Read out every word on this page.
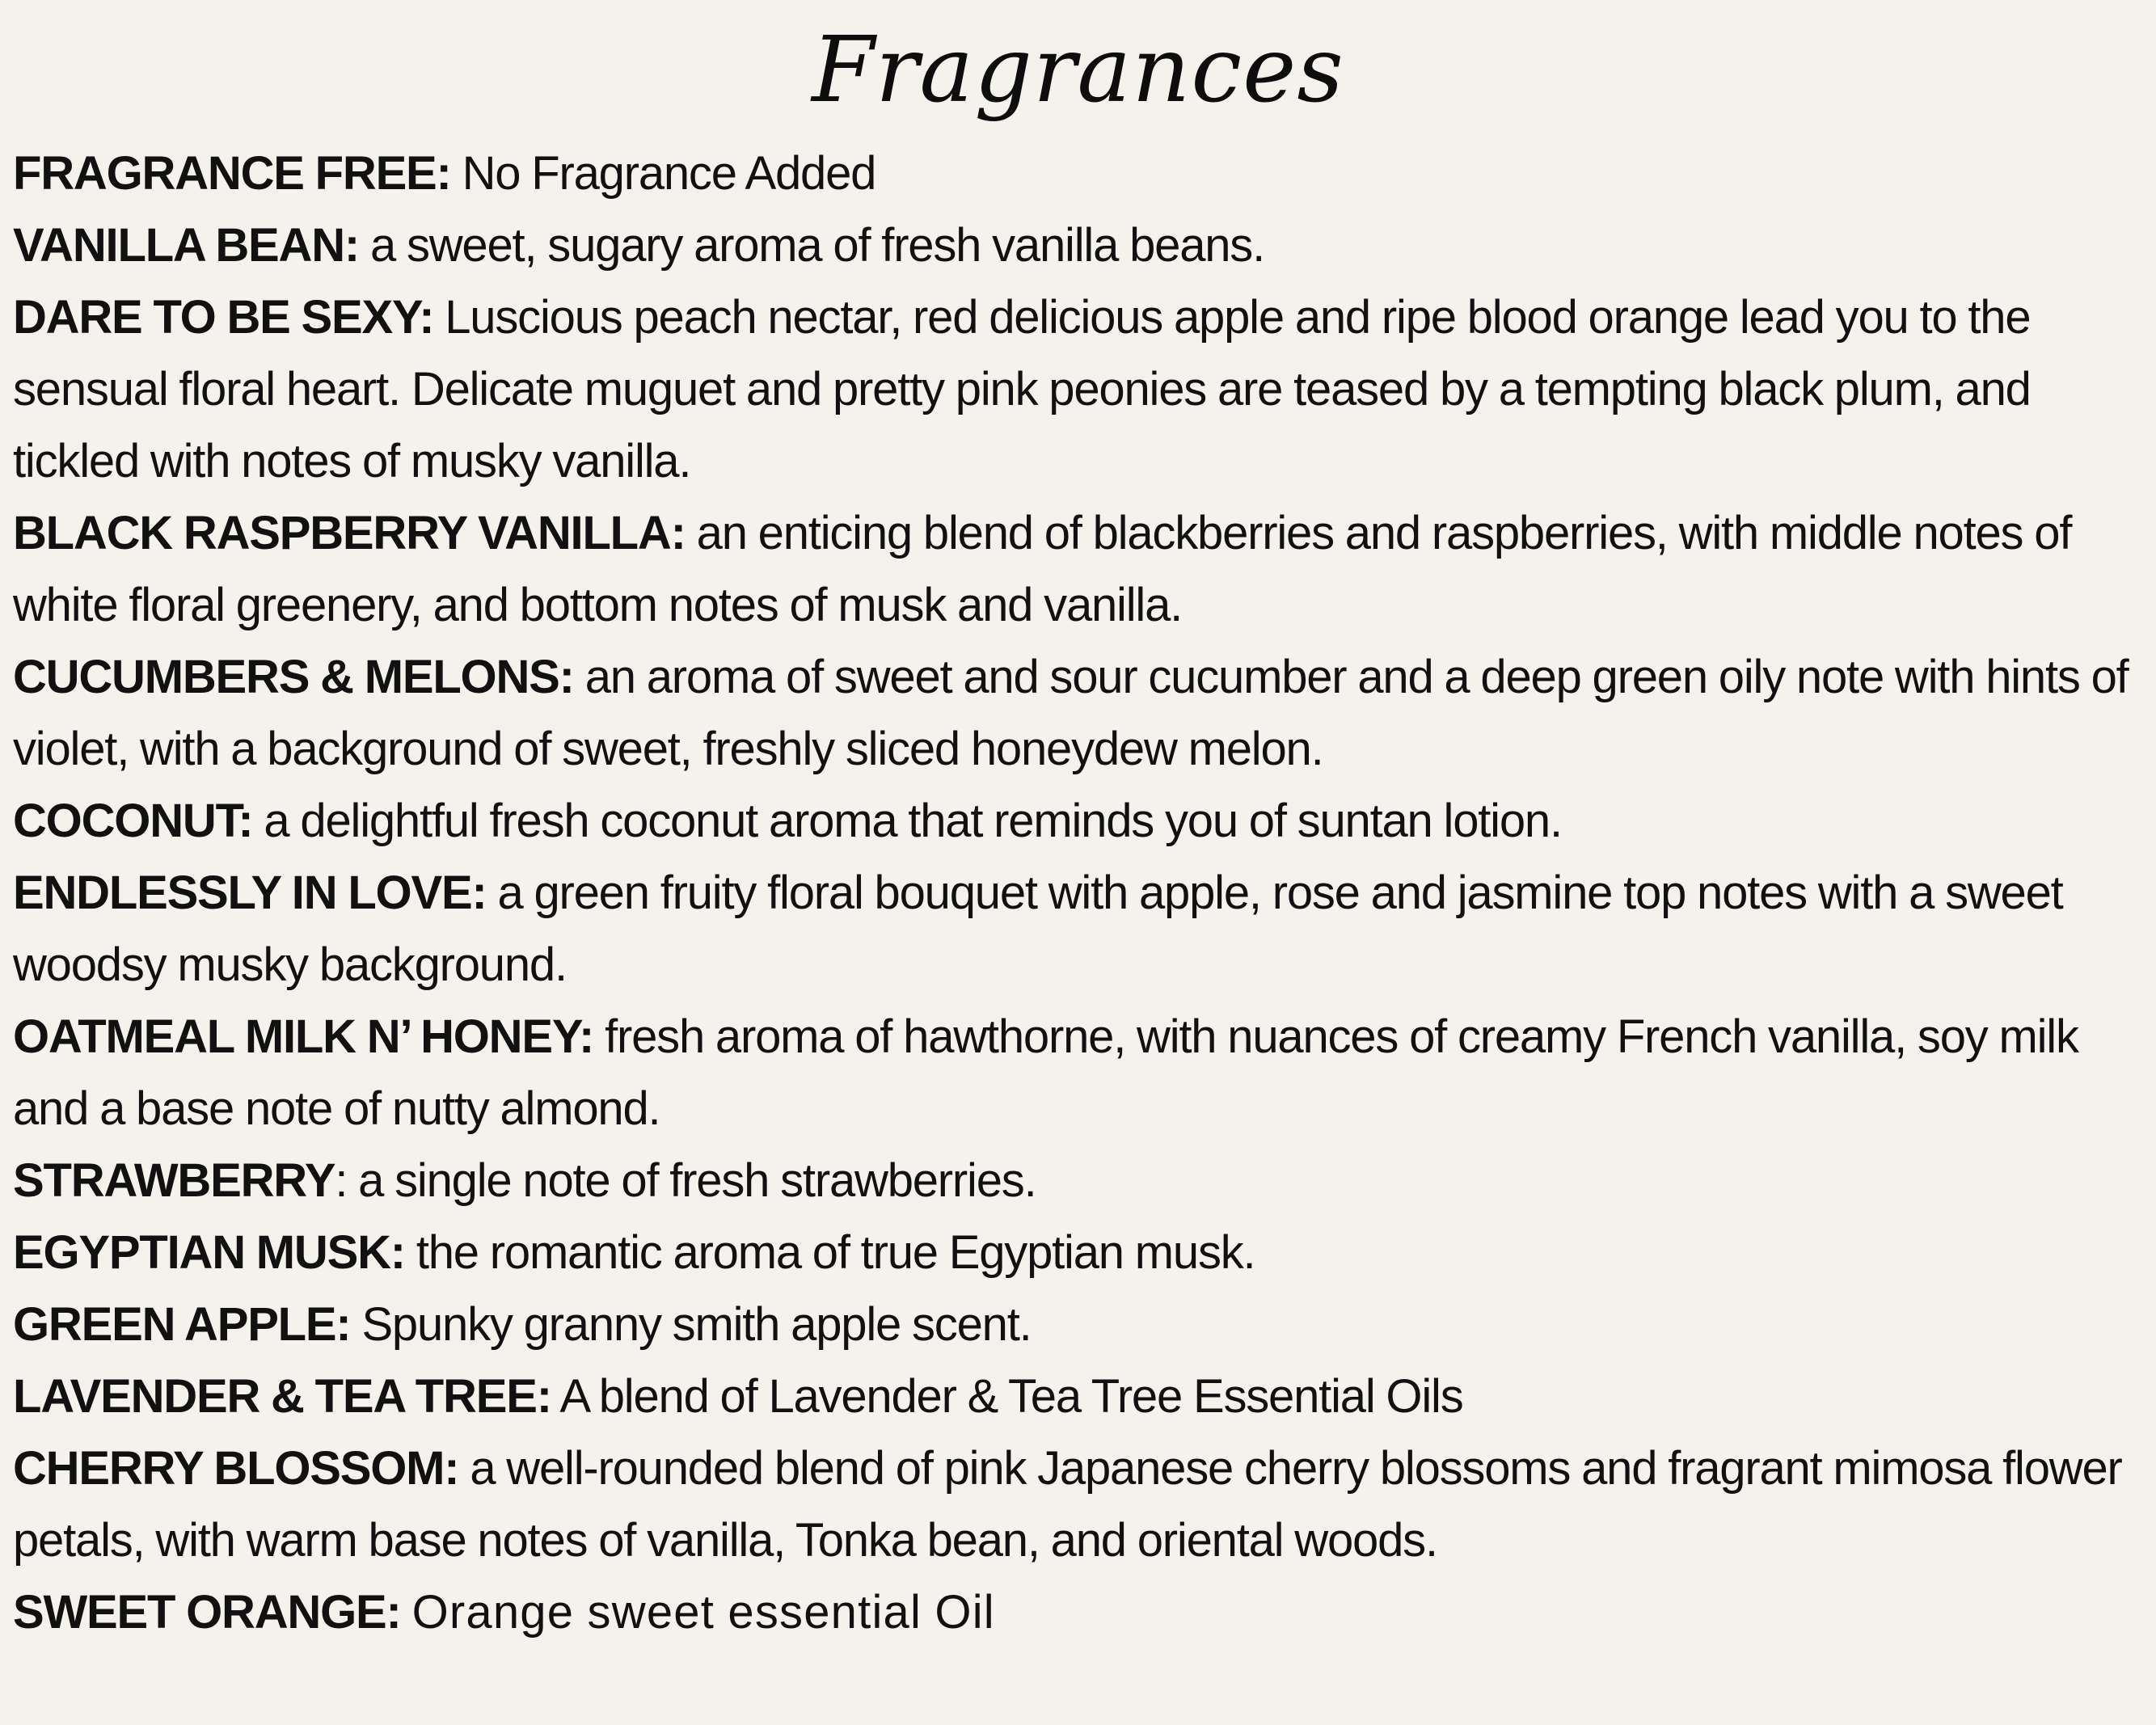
Fragrances

FRAGRANCE FREE: No Fragrance Added

VANILLA BEAN: a sweet, sugary aroma of fresh vanilla beans.

DARE TO BE SEXY: Luscious peach nectar, red delicious apple and ripe blood orange lead you to the sensual floral heart. Delicate muguet and pretty pink peonies are teased by a tempting black plum, and tickled with notes of musky vanilla.

BLACK RASPBERRY VANILLA: an enticing blend of blackberries and raspberries, with middle notes of white floral greenery, and bottom notes of musk and vanilla.

CUCUMBERS & MELONS: an aroma of sweet and sour cucumber and a deep green oily note with hints of violet, with a background of sweet, freshly sliced honeydew melon.

COCONUT: a delightful fresh coconut aroma that reminds you of suntan lotion.

ENDLESSLY IN LOVE: a green fruity floral bouquet with apple, rose and jasmine top notes with a sweet woodsy musky background.

OATMEAL MILK N’ HONEY: fresh aroma of hawthorne, with nuances of creamy French vanilla, soy milk and a base note of nutty almond.

STRAWBERRY: a single note of fresh strawberries.

EGYPTIAN MUSK: the romantic aroma of true Egyptian musk.

GREEN APPLE: Spunky granny smith apple scent.

LAVENDER & TEA TREE: A blend of Lavender & Tea Tree Essential Oils

CHERRY BLOSSOM: a well-rounded blend of pink Japanese cherry blossoms and fragrant mimosa flower petals, with warm base notes of vanilla, Tonka bean, and oriental woods.

SWEET ORANGE: Orange sweet essential Oil
